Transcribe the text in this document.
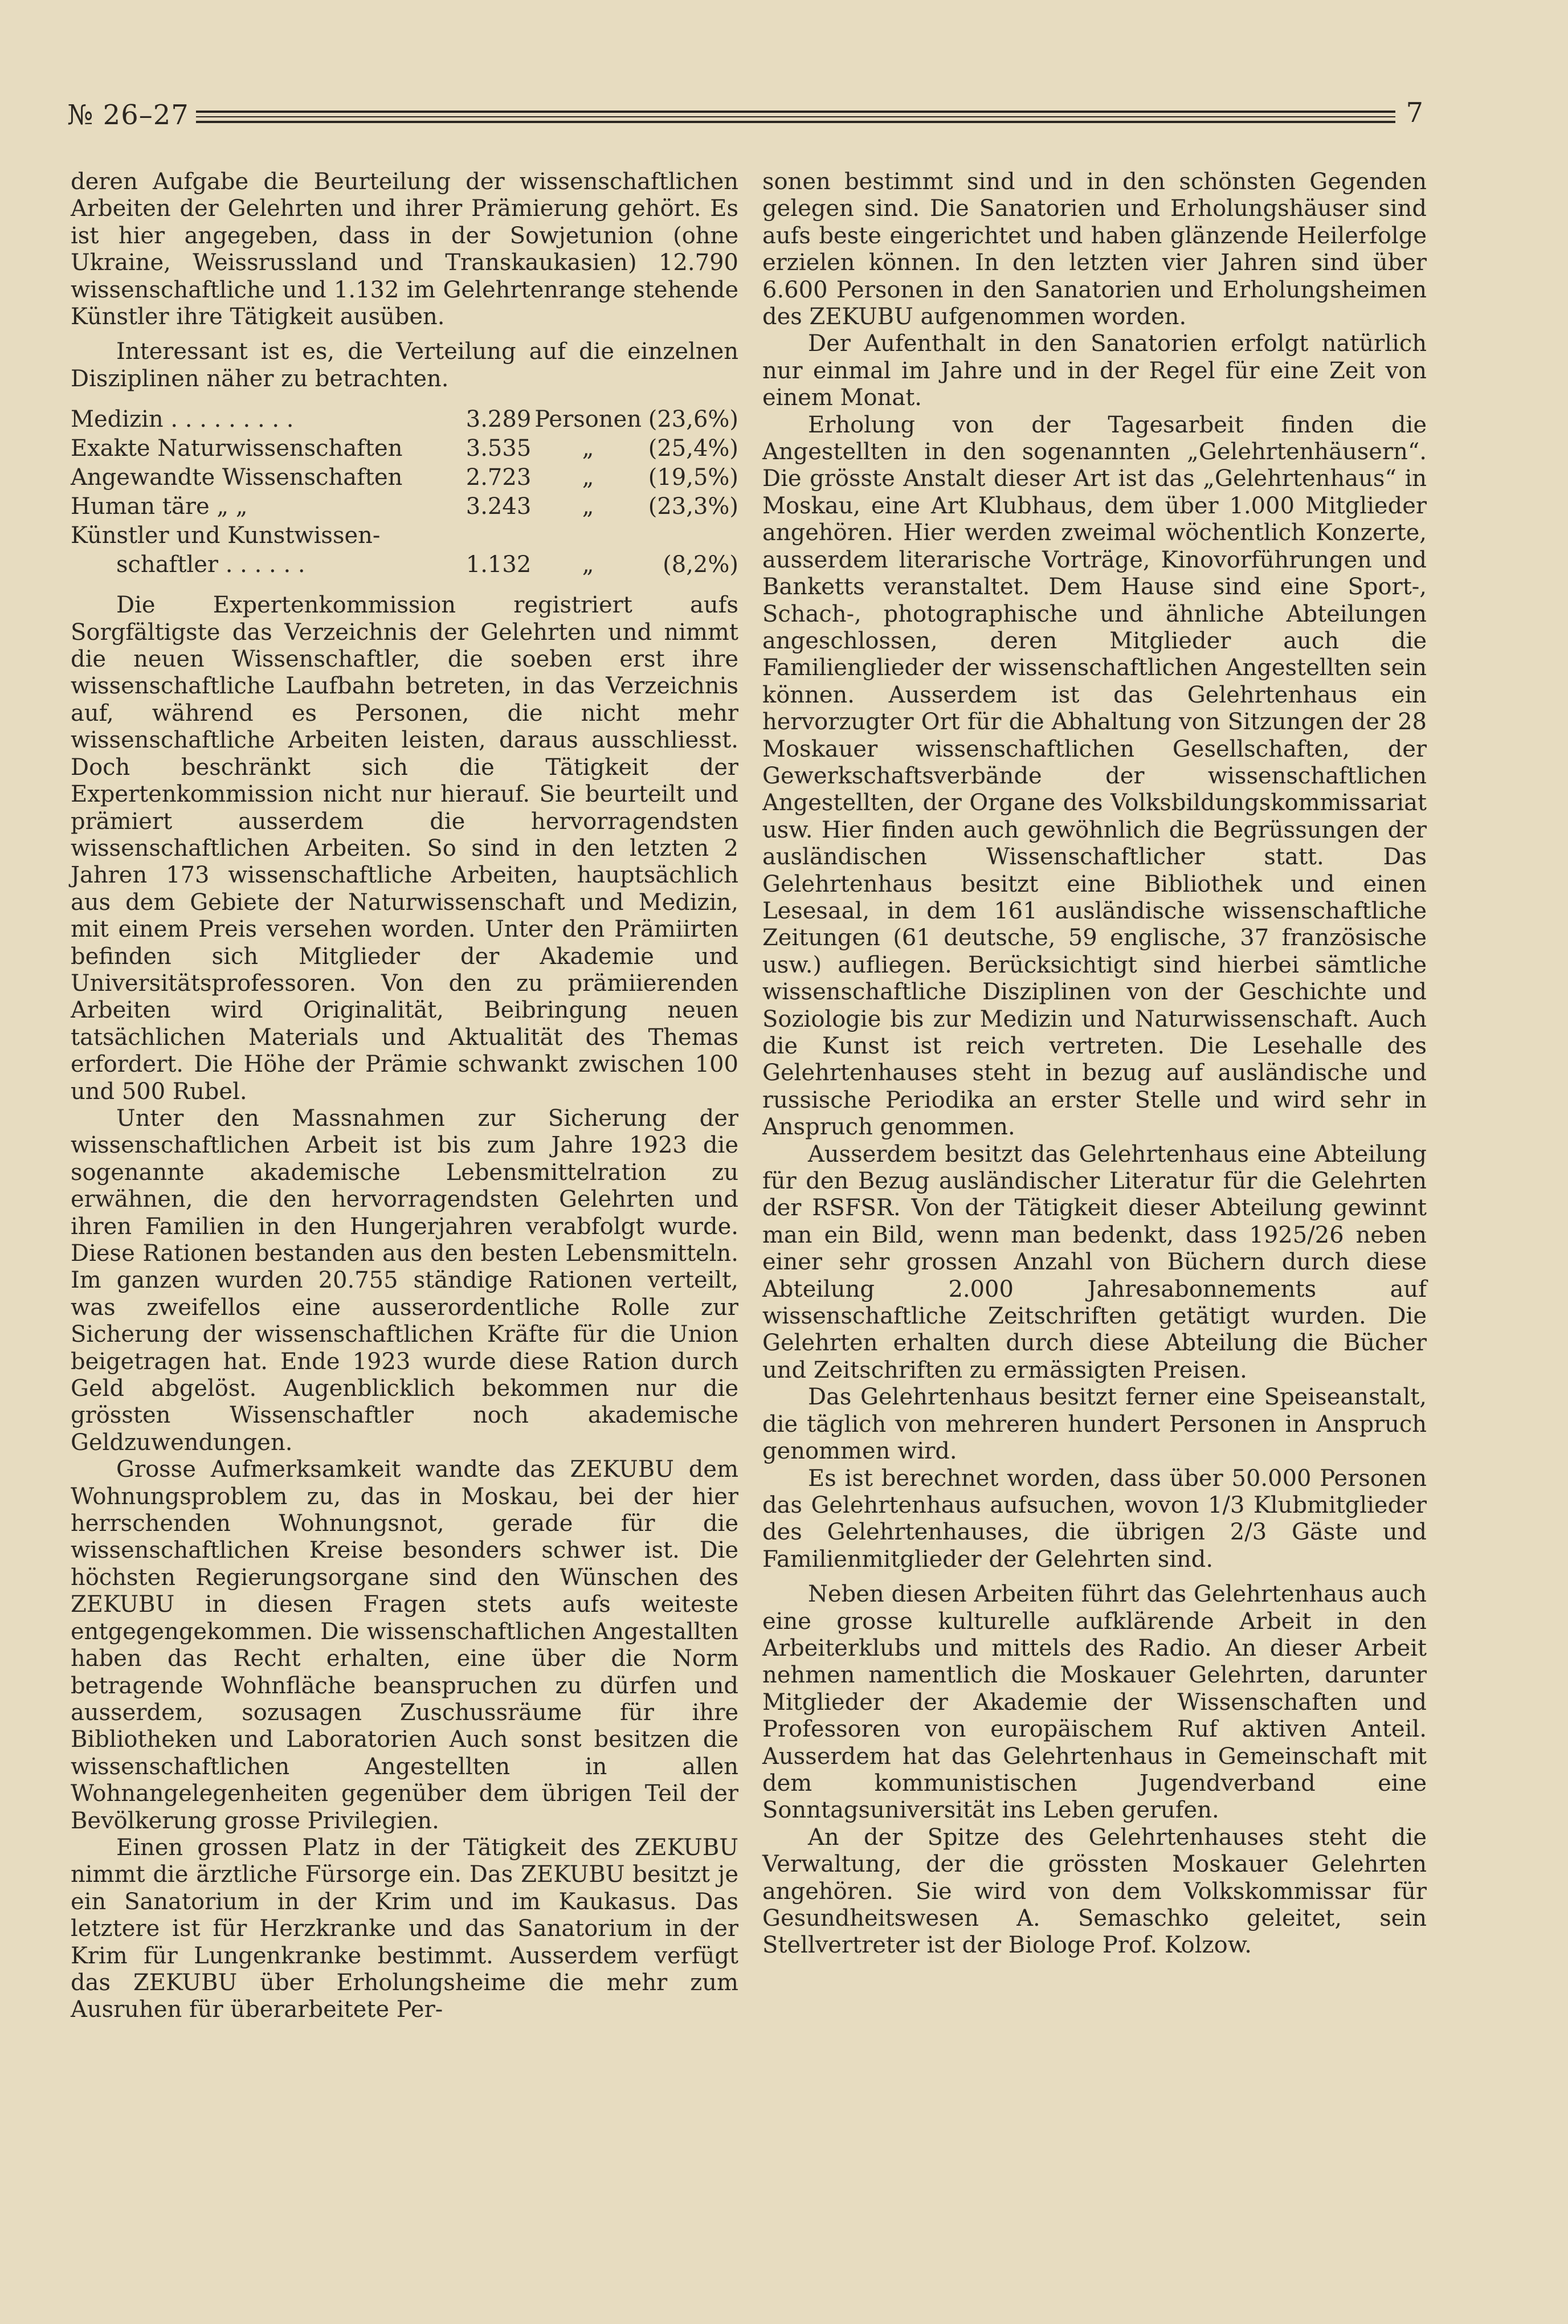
№ 26–27	7

deren Aufgabe die Beurteilung der wissenschaftlichen Arbeiten der Gelehrten und ihrer Prämierung gehört. Es ist hier angegeben, dass in der Sowjetunion (ohne Ukraine, Weissrussland und Transkaukasien) 12.790 wissenschaftliche und 1.132 im Gelehrtenrange stehende Künstler ihre Tätigkeit ausüben.

Interessant ist es, die Verteilung auf die einzelnen Disziplinen näher zu betrachten.

Medizin . . . . . . . . .	3.289	Personen	(23,6%)
Exakte Naturwissenschaften	3.535	„	(25,4%)
Angewandte Wissenschaften	2.723	„	(19,5%)
Human täre „ „	3.243	„	(23,3%)
Künstler und Kunstwissen-			
schaftler . . . . . .	1.132	„	(8,2%)

Die Expertenkommission registriert aufs Sorgfältigste das Verzeichnis der Gelehrten und nimmt die neuen Wissenschaftler, die soeben erst ihre wissenschaftliche Laufbahn betreten, in das Verzeichnis auf, während es Personen, die nicht mehr wissenschaftliche Arbeiten leisten, daraus ausschliesst. Doch beschränkt sich die Tätigkeit der Expertenkommission nicht nur hierauf. Sie beurteilt und prämiert ausserdem die hervorragendsten wissenschaftlichen Arbeiten. So sind in den letzten 2 Jahren 173 wissenschaftliche Arbeiten, hauptsächlich aus dem Gebiete der Naturwissenschaft und Medizin, mit einem Preis versehen worden. Unter den Prämiirten befinden sich Mitglieder der Akademie und Universitätsprofessoren. Von den zu prämiierenden Arbeiten wird Originalität, Beibringung neuen tatsächlichen Materials und Aktualität des Themas erfordert. Die Höhe der Prämie schwankt zwischen 100 und 500 Rubel.

Unter den Massnahmen zur Sicherung der wissenschaftlichen Arbeit ist bis zum Jahre 1923 die sogenannte akademische Lebensmittelration zu erwähnen, die den hervorragendsten Gelehrten und ihren Familien in den Hungerjahren verabfolgt wurde. Diese Rationen bestanden aus den besten Lebensmitteln. Im ganzen wurden 20.755 ständige Rationen verteilt, was zweifellos eine ausserordentliche Rolle zur Sicherung der wissenschaftlichen Kräfte für die Union beigetragen hat. Ende 1923 wurde diese Ration durch Geld abgelöst. Augenblicklich bekommen nur die grössten Wissenschaftler noch akademische Geldzuwendungen.

Grosse Aufmerksamkeit wandte das ZEKUBU dem Wohnungsproblem zu, das in Moskau, bei der hier herrschenden Wohnungsnot, gerade für die wissenschaftlichen Kreise besonders schwer ist. Die höchsten Regierungsorgane sind den Wünschen des ZEKUBU in diesen Fragen stets aufs weiteste entgegengekommen. Die wissenschaftlichen Angestallten haben das Recht erhalten, eine über die Norm betragende Wohnfläche beanspruchen zu dürfen und ausserdem, sozusagen Zuschussräume für ihre Bibliotheken und Laboratorien Auch sonst besitzen die wissenschaftlichen Angestellten in allen Wohnangelegenheiten gegenüber dem übrigen Teil der Bevölkerung grosse Privilegien.

Einen grossen Platz in der Tätigkeit des ZEKUBU nimmt die ärztliche Fürsorge ein. Das ZEKUBU besitzt je ein Sanatorium in der Krim und im Kaukasus. Das letztere ist für Herzkranke und das Sanatorium in der Krim für Lungenkranke bestimmt. Ausserdem verfügt das ZEKUBU über Erholungsheime die mehr zum Ausruhen für überarbeitete Per-

sonen bestimmt sind und in den schönsten Gegenden gelegen sind. Die Sanatorien und Erholungshäuser sind aufs beste eingerichtet und haben glänzende Heilerfolge erzielen können. In den letzten vier Jahren sind über 6.600 Personen in den Sanatorien und Erholungsheimen des ZEKUBU aufgenommen worden.

Der Aufenthalt in den Sanatorien erfolgt natürlich nur einmal im Jahre und in der Regel für eine Zeit von einem Monat.

Erholung von der Tagesarbeit finden die Angestellten in den sogenannten „Gelehrtenhäusern“. Die grösste Anstalt dieser Art ist das „Gelehrtenhaus“ in Moskau, eine Art Klubhaus, dem über 1.000 Mitglieder angehören. Hier werden zweimal wöchentlich Konzerte, ausserdem literarische Vorträge, Kinovorführungen und Banketts veranstaltet. Dem Hause sind eine Sport-, Schach-, photographische und ähnliche Abteilungen angeschlossen, deren Mitglieder auch die Familienglieder der wissenschaftlichen Angestellten sein können. Ausserdem ist das Gelehrtenhaus ein hervorzugter Ort für die Abhaltung von Sitzungen der 28 Moskauer wissenschaftlichen Gesellschaften, der Gewerkschaftsverbände der wissenschaftlichen Angestellten, der Organe des Volksbildungskommissariat usw. Hier finden auch gewöhnlich die Begrüssungen der ausländischen Wissenschaftlicher statt. Das Gelehrtenhaus besitzt eine Bibliothek und einen Lesesaal, in dem 161 ausländische wissenschaftliche Zeitungen (61 deutsche, 59 englische, 37 französische usw.) aufliegen. Berücksichtigt sind hierbei sämtliche wissenschaftliche Disziplinen von der Geschichte und Soziologie bis zur Medizin und Naturwissenschaft. Auch die Kunst ist reich vertreten. Die Lesehalle des Gelehrtenhauses steht in bezug auf ausländische und russische Periodika an erster Stelle und wird sehr in Anspruch genommen.

Ausserdem besitzt das Gelehrtenhaus eine Abteilung für den Bezug ausländischer Literatur für die Gelehrten der RSFSR. Von der Tätigkeit dieser Abteilung gewinnt man ein Bild, wenn man bedenkt, dass 1925/26 neben einer sehr grossen Anzahl von Büchern durch diese Abteilung 2.000 Jahresabonnements auf wissenschaftliche Zeitschriften getätigt wurden. Die Gelehrten erhalten durch diese Abteilung die Bücher und Zeitschriften zu ermässigten Preisen.

Das Gelehrtenhaus besitzt ferner eine Speiseanstalt, die täglich von mehreren hundert Personen in Anspruch genommen wird.

Es ist berechnet worden, dass über 50.000 Personen das Gelehrtenhaus aufsuchen, wovon 1/3 Klubmitglieder des Gelehrtenhauses, die übrigen 2/3 Gäste und Familienmitglieder der Gelehrten sind.

Neben diesen Arbeiten führt das Gelehrtenhaus auch eine grosse kulturelle aufklärende Arbeit in den Arbeiterklubs und mittels des Radio. An dieser Arbeit nehmen namentlich die Moskauer Gelehrten, darunter Mitglieder der Akademie der Wissenschaften und Professoren von europäischem Ruf aktiven Anteil. Ausserdem hat das Gelehrtenhaus in Gemeinschaft mit dem kommunistischen Jugendverband eine Sonntagsuniversität ins Leben gerufen.

An der Spitze des Gelehrtenhauses steht die Verwaltung, der die grössten Moskauer Gelehrten angehören. Sie wird von dem Volkskommissar für Gesundheitswesen A. Semaschko geleitet, sein Stellvertreter ist der Biologe Prof. Kolzow.
